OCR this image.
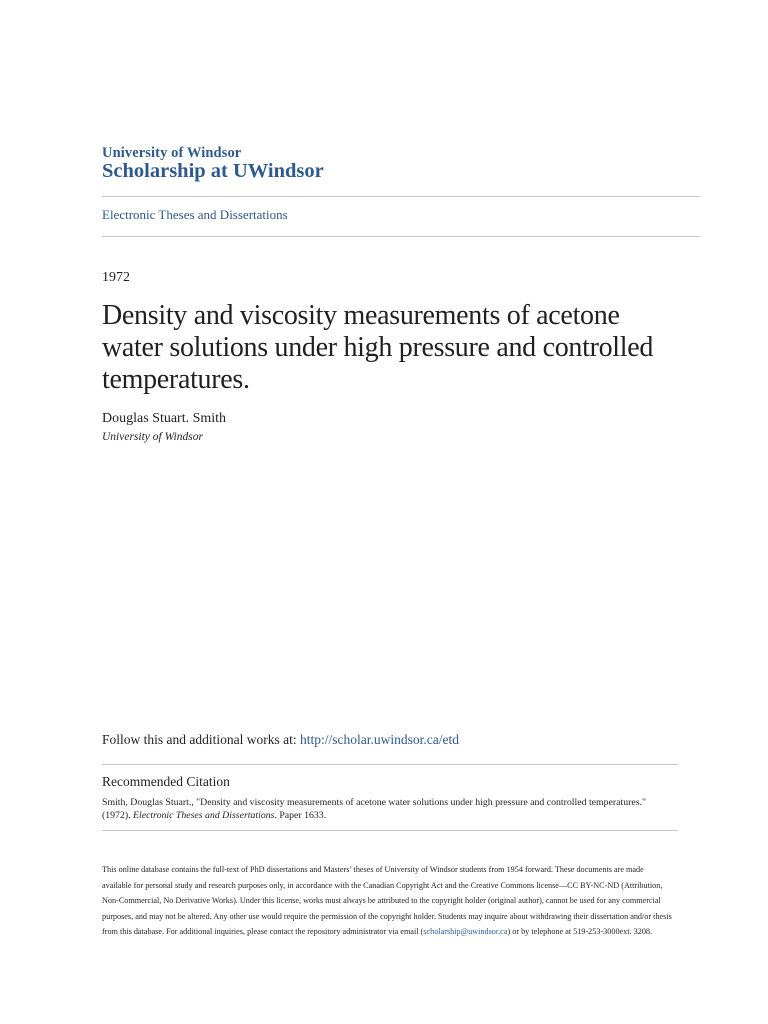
University of Windsor
Scholarship at UWindsor
Electronic Theses and Dissertations
1972
Density and viscosity measurements of acetone water solutions under high pressure and controlled temperatures.
Douglas Stuart. Smith
University of Windsor
Follow this and additional works at: http://scholar.uwindsor.ca/etd
Recommended Citation
Smith, Douglas Stuart., "Density and viscosity measurements of acetone water solutions under high pressure and controlled temperatures." (1972). Electronic Theses and Dissertations. Paper 1633.
This online database contains the full-text of PhD dissertations and Masters’ theses of University of Windsor students from 1954 forward. These documents are made available for personal study and research purposes only, in accordance with the Canadian Copyright Act and the Creative Commons license—CC BY-NC-ND (Attribution, Non-Commercial, No Derivative Works). Under this license, works must always be attributed to the copyright holder (original author), cannot be used for any commercial purposes, and may not be altered. Any other use would require the permission of the copyright holder. Students may inquire about withdrawing their dissertation and/or thesis from this database. For additional inquiries, please contact the repository administrator via email (scholarship@uwindsor.ca) or by telephone at 519-253-3000ext. 3208.
